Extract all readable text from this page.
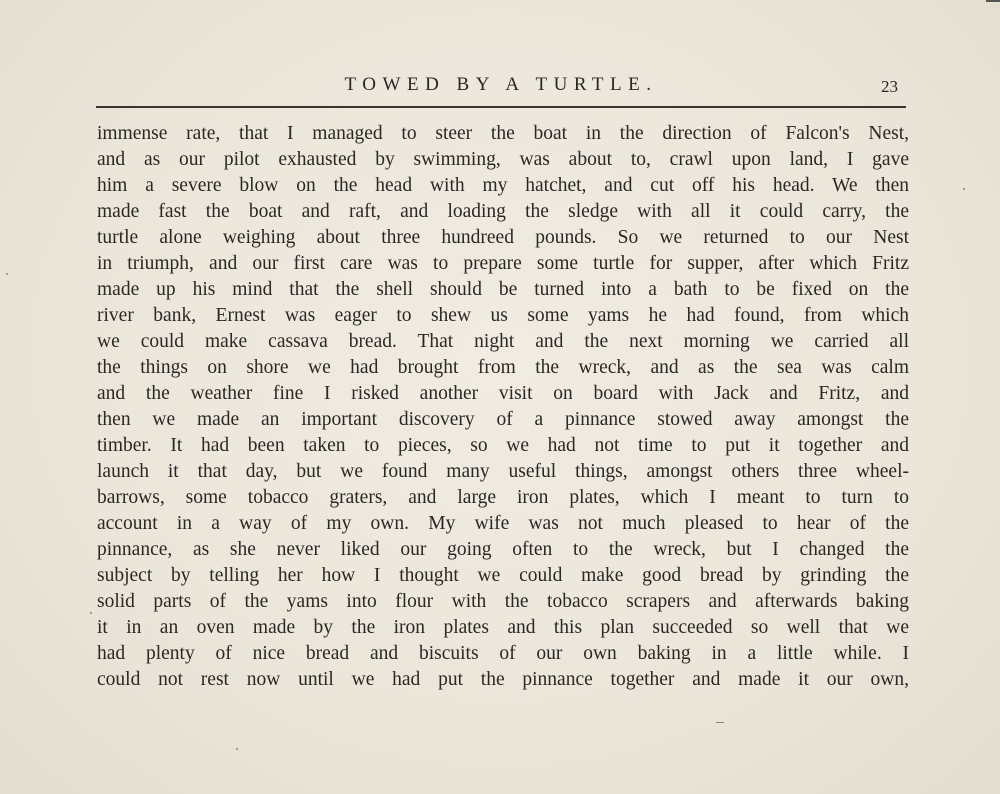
TOWED BY A TURTLE.	23
immense rate, that I managed to steer the boat in the direction of Falcon's Nest,
and as our pilot exhausted by swimming, was about to, crawl upon land, I gave
him a severe blow on the head with my hatchet, and cut off his head. We then
made fast the boat and raft, and loading the sledge with all it could carry, the
turtle alone weighing about three hundreed pounds. So we returned to our Nest
in triumph, and our first care was to prepare some turtle for supper, after which Fritz
made up his mind that the shell should be turned into a bath to be fixed on the
river bank, Ernest was eager to shew us some yams he had found, from which
we could make cassava bread. That night and the next morning we carried all
the things on shore we had brought from the wreck, and as the sea was calm
and the weather fine I risked another visit on board with Jack and Fritz, and
then we made an important discovery of a pinnance stowed away amongst the
timber. It had been taken to pieces, so we had not time to put it together and
launch it that day, but we found many useful things, amongst others three wheel-
barrows, some tobacco graters, and large iron plates, which I meant to turn to
account in a way of my own. My wife was not much pleased to hear of the
pinnance, as she never liked our going often to the wreck, but I changed the
subject by telling her how I thought we could make good bread by grinding the
solid parts of the yams into flour with the tobacco scrapers and afterwards baking
it in an oven made by the iron plates and this plan succeeded so well that we
had plenty of nice bread and biscuits of our own baking in a little while. I
could not rest now until we had put the pinnance together and made it our own,
